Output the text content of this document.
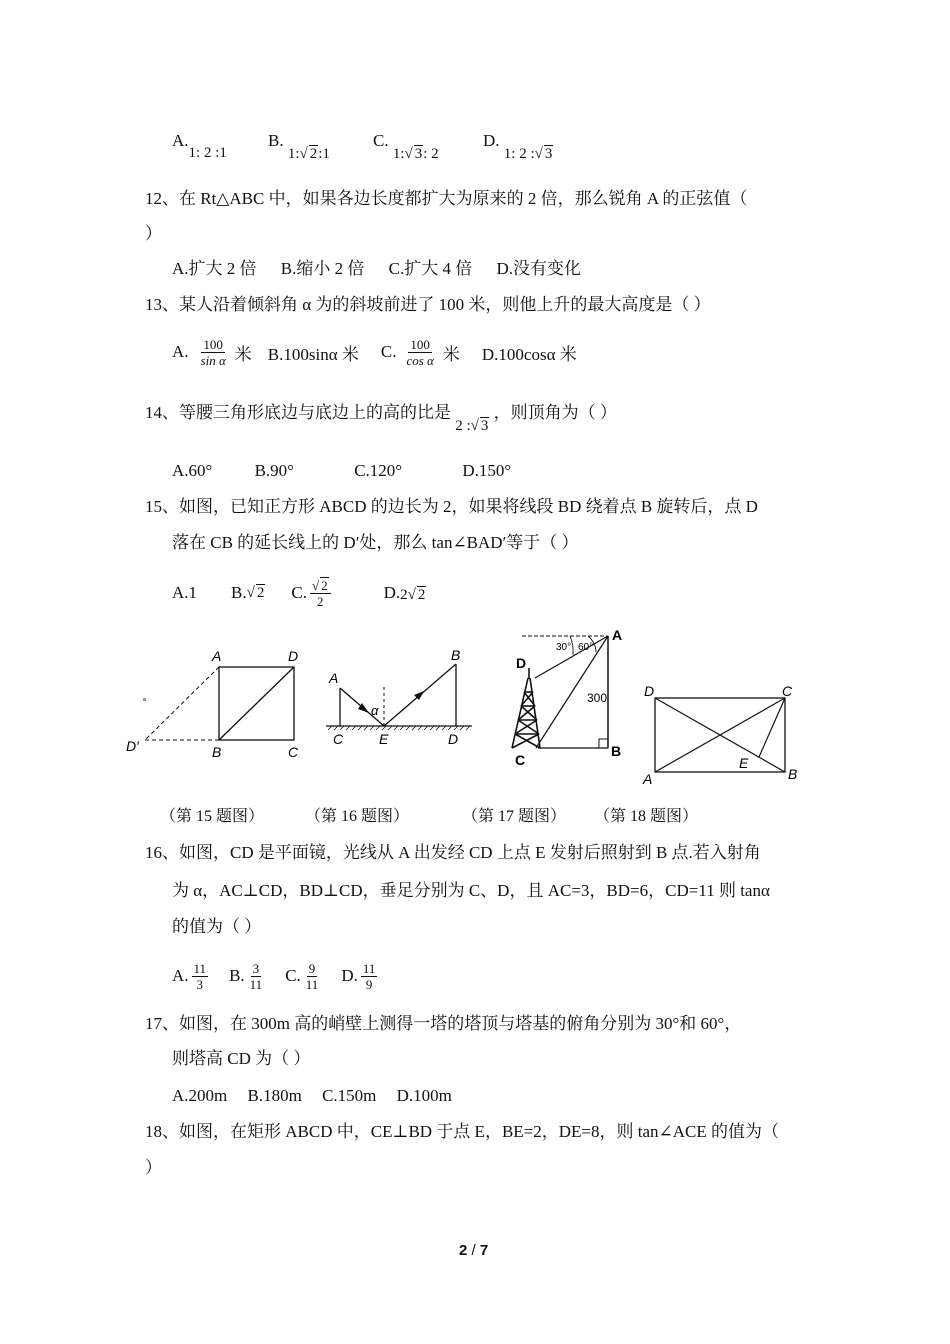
A.1: 2 :1
B. 1:√ 2:1
C. 1:√ 3: 2
D. 1: 2 :√ 3
12、在 Rt△ABC 中，如果各边长度都扩大为原来的 2 倍，那么锐角 A 的正弦值（
）
A.扩大 2 倍 B.缩小 2 倍 C.扩大 4 倍 D.没有变化
13、某人沿着倾斜角 α 为的斜坡前进了 100 米，则他上升的最大高度是（ ）
A. $\frac{100}{\text{sin α}}$ 米 B.100sinα 米 C. $\frac{100}{\text{cos α}}$ 米 D.100cosα 米
14、等腰三角形底边与底边上的高的比是 2 :√ 3 ，则顶角为（ ）
A.60° B.90°	C.120°	D.150°
15、如图，已知正方形 ABCD 的边长为 2，如果将线段 BD 绕着点 B 旋转后，点 D
落在 CB 的延长线上的 D′处，那么 tan∠BAD′等于（ ）
A.1 B. √ 2 C. $\frac{√ 2}{2}$	D. 2√ 2
A	D
B	C
D′
A
B
C	E	D
α
A
B
C
D
300
30° 60°
D	C
A	B
E
（第 15 题图）	（第 16 题图）	（第 17 题图） （第 18 题图）
16、如图，CD 是平面镜，光线从 A 出发经 CD 上点 E 发射后照射到 B 点.若入射角
为 α，AC⊥CD，BD⊥CD，垂足分别为 C、D，且 AC=3，BD=6，CD=11 则 tanα
的值为（ ）
A. $\frac{11}{3} B$. $\frac{3}{11} C$. $\frac{9}{11} D$. $\frac{11}{9}$
17、如图，在 300m 高的峭壁上测得一塔的塔顶与塔基的俯角分别为 30°和 60°，
则塔高 CD 为（ ）
A.200m B.180m C.150m D.100m
18、如图，在矩形 ABCD 中，CE⊥BD 于点 E，BE=2，DE=8，则 tan∠ACE 的值为（
）
2 / 7
